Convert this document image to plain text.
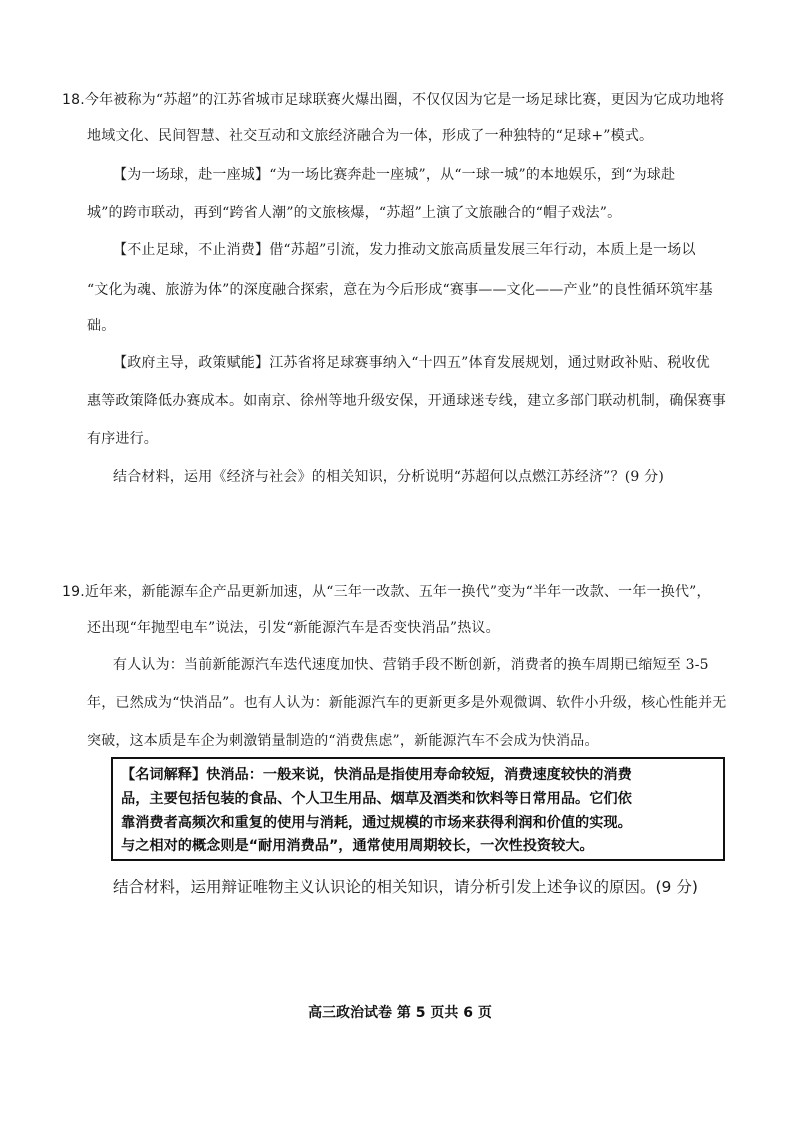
18.今年被称为“苏超”的江苏省城市足球联赛火爆出圈，不仅仅因为它是一场足球比赛，更因为它成功地将
地域文化、民间智慧、社交互动和文旅经济融合为一体，形成了一种独特的“足球+”模式。
【为一场球，赴一座城】“为一场比赛奔赴一座城”，从“一球一城”的本地娱乐，到“为球赴
城”的跨市联动，再到“跨省人潮”的文旅核爆，“苏超”上演了文旅融合的“帽子戏法”。
【不止足球，不止消费】借“苏超”引流，发力推动文旅高质量发展三年行动，本质上是一场以
“文化为魂、旅游为体”的深度融合探索，意在为今后形成“赛事——文化——产业”的良性循环筑牢基
础。
【政府主导，政策赋能】江苏省将足球赛事纳入“十四五”体育发展规划，通过财政补贴、税收优
惠等政策降低办赛成本。如南京、徐州等地升级安保，开通球迷专线，建立多部门联动机制，确保赛事
有序进行。
结合材料，运用《经济与社会》的相关知识，分析说明“苏超何以点燃江苏经济”？(9 分)
19.近年来，新能源车企产品更新加速，从“三年一改款、五年一换代”变为“半年一改款、一年一换代”，
还出现“年抛型电车”说法，引发“新能源汽车是否变快消品”热议。
有人认为：当前新能源汽车迭代速度加快、营销手段不断创新，消费者的换车周期已缩短至 3-5
年，已然成为“快消品”。也有人认为：新能源汽车的更新更多是外观微调、软件小升级，核心性能并无
突破，这本质是车企为刺激销量制造的“消费焦虑”，新能源汽车不会成为快消品。
【名词解释】快消品：一般来说，快消品是指使用寿命较短，消费速度较快的消费
品，主要包括包装的食品、个人卫生用品、烟草及酒类和饮料等日常用品。它们依
靠消费者高频次和重复的使用与消耗，通过规模的市场来获得利润和价值的实现。
与之相对的概念则是“耐用消费品”，通常使用周期较长，一次性投资较大。
结合材料，运用辩证唯物主义认识论的相关知识，请分析引发上述争议的原因。(9 分)
高三政治试卷 第 5 页共 6 页
